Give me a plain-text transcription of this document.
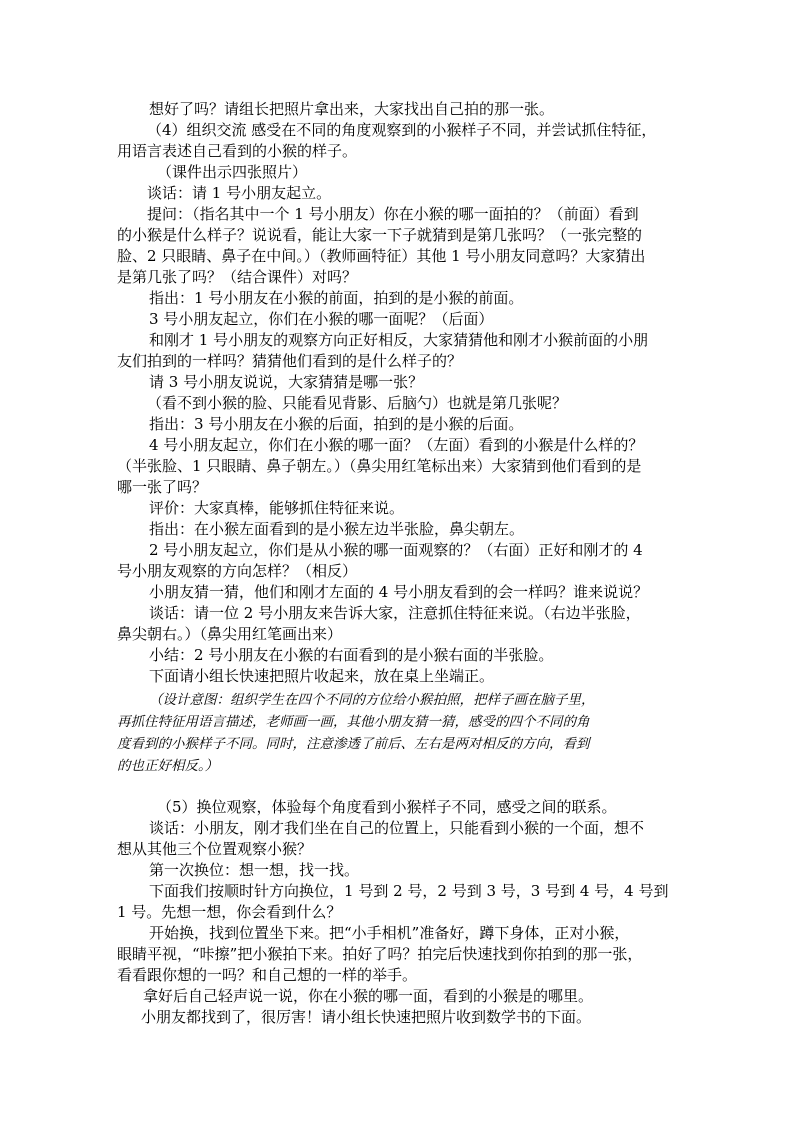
想好了吗？请组长把照片拿出来，大家找出自己拍的那一张。
（4）组织交流 感受在不同的角度观察到的小猴样子不同，并尝试抓住特征，
用语言表述自己看到的小猴的样子。
（课件出示四张照片）
谈话：请 1 号小朋友起立。
提问：（指名其中一个 1 号小朋友）你在小猴的哪一面拍的？（前面）看到
的小猴是什么样子？说说看，能让大家一下子就猜到是第几张吗？（一张完整的
脸、2 只眼睛、鼻子在中间。）（教师画特征）其他 1 号小朋友同意吗？大家猜出
是第几张了吗？（结合课件）对吗？
指出：1 号小朋友在小猴的前面，拍到的是小猴的前面。
3 号小朋友起立，你们在小猴的哪一面呢？（后面）
和刚才 1 号小朋友的观察方向正好相反，大家猜猜他和刚才小猴前面的小朋
友们拍到的一样吗？猜猜他们看到的是什么样子的？
请 3 号小朋友说说，大家猜猜是哪一张？
（看不到小猴的脸、只能看见背影、后脑勺）也就是第几张呢？
指出：3 号小朋友在小猴的后面，拍到的是小猴的后面。
4 号小朋友起立，你们在小猴的哪一面？（左面）看到的小猴是什么样的？
（半张脸、1 只眼睛、鼻子朝左。）（鼻尖用红笔标出来）大家猜到他们看到的是
哪一张了吗？
评价：大家真棒，能够抓住特征来说。
指出：在小猴左面看到的是小猴左边半张脸，鼻尖朝左。
2 号小朋友起立，你们是从小猴的哪一面观察的？（右面）正好和刚才的 4
号小朋友观察的方向怎样？（相反）
小朋友猜一猜，他们和刚才左面的 4 号小朋友看到的会一样吗？谁来说说？
谈话：请一位 2 号小朋友来告诉大家，注意抓住特征来说。（右边半张脸，
鼻尖朝右。）（鼻尖用红笔画出来）
小结：2 号小朋友在小猴的右面看到的是小猴右面的半张脸。
下面请小组长快速把照片收起来，放在桌上坐端正。
（设计意图：组织学生在四个不同的方位给小猴拍照，把样子画在脑子里，
再抓住特征用语言描述，老师画一画，其他小朋友猜一猜，感受的四个不同的角
度看到的小猴样子不同。同时，注意渗透了前后、左右是两对相反的方向，看到
的也正好相反。）
（5）换位观察，体验每个角度看到小猴样子不同，感受之间的联系。
谈话：小朋友，刚才我们坐在自己的位置上，只能看到小猴的一个面，想不
想从其他三个位置观察小猴？
第一次换位：想一想，找一找。
下面我们按顺时针方向换位，1 号到 2 号，2 号到 3 号，3 号到 4 号，4 号到
1 号。先想一想，你会看到什么？
开始换，找到位置坐下来。把“小手相机”准备好，蹲下身体，正对小猴，
眼睛平视，“咔擦”把小猴拍下来。拍好了吗？拍完后快速找到你拍到的那一张，
看看跟你想的一吗？和自己想的一样的举手。
拿好后自己轻声说一说，你在小猴的哪一面，看到的小猴是的哪里。
小朋友都找到了，很厉害！请小组长快速把照片收到数学书的下面。
